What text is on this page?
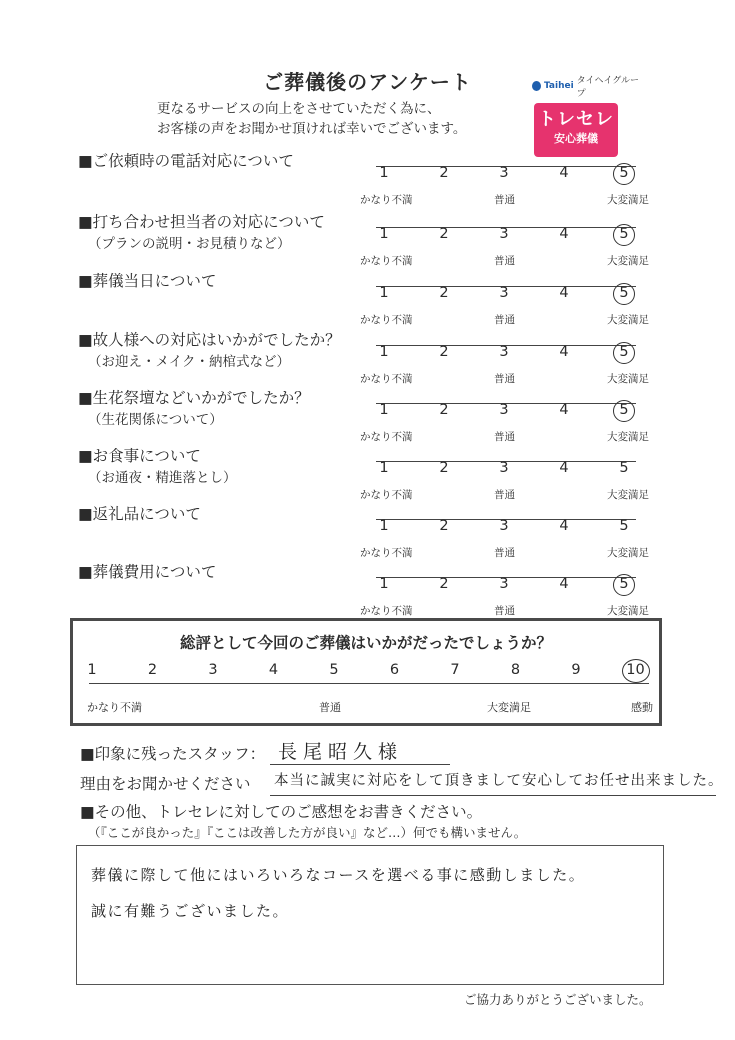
ご葬儀後のアンケート
更なるサービスの向上をさせていただく為に、
お客様の声をお聞かせ頂ければ幸いでございます。
Taihei タイヘイグループ
トレセレ
安心葬儀
■ご依頼時の電話対応について
1	2	3	4	5
かなり不満	普通	大変満足
■打ち合わせ担当者の対応について
（プランの説明・お見積りなど）
1	2	3	4	5
かなり不満	普通	大変満足
■葬儀当日について
1	2	3	4	5
かなり不満	普通	大変満足
■故人様への対応はいかがでしたか？
（お迎え・メイク・納棺式など）
1	2	3	4	5
かなり不満	普通	大変満足
■生花祭壇などいかがでしたか？
（生花関係について）
1	2	3	4	5
かなり不満	普通	大変満足
■お食事について
（お通夜・精進落とし）
1	2	3	4	5
かなり不満	普通	大変満足
■返礼品について
1	2	3	4	5
かなり不満	普通	大変満足
■葬儀費用について
1	2	3	4	5
かなり不満	普通	大変満足
総評として今回のご葬儀はいかがだったでしょうか？
かなり不満	普通	大変満足	感動
1	2	3	4	5	6	7	8	9	10
■印象に残ったスタッフ： 長尾昭久様
理由をお聞かせください 本当に誠実に対応をして頂きまして安心してお任せ出来ました。
■その他、トレセレに対してのご感想をお書きください。
（『ここが良かった』『ここは改善した方が良い』など…）何でも構いません。
葬儀に際して他にはいろいろなコースを選べる事に感動しました。
誠に有難うございました。
ご協力ありがとうございました。
